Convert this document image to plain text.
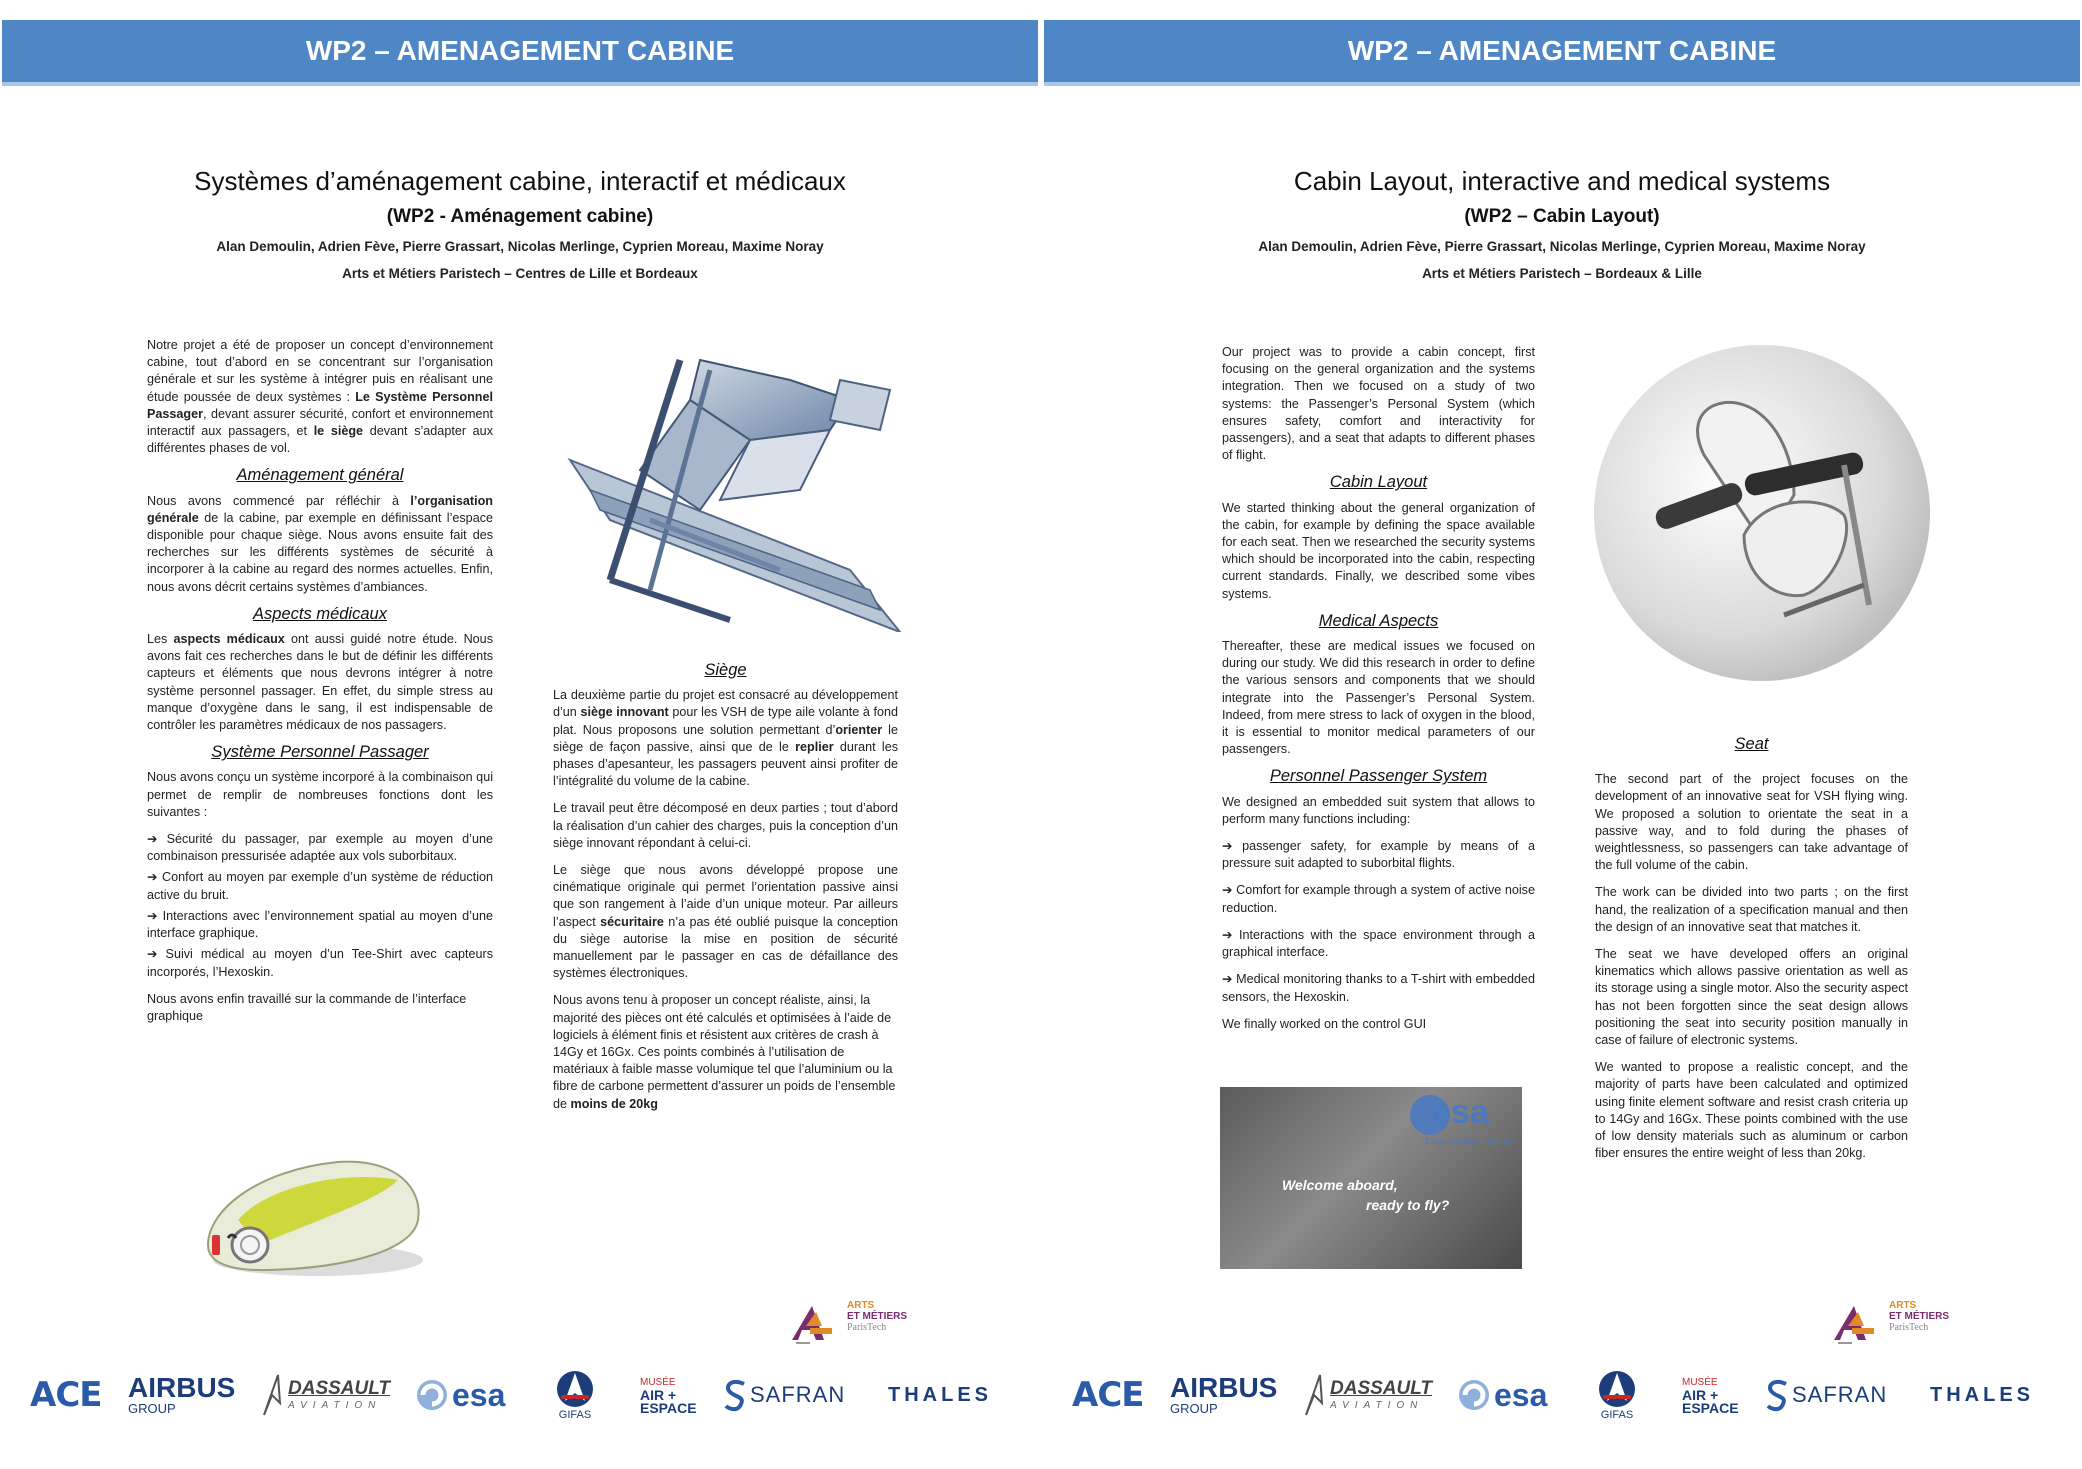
WP2 – AMENAGEMENT CABINE
Systèmes d’aménagement cabine, interactif et médicaux
(WP2 - Aménagement cabine)
Alan Demoulin, Adrien Fève, Pierre Grassart, Nicolas Merlinge, Cyprien Moreau, Maxime Noray
Arts et Métiers Paristech – Centres de Lille et Bordeaux

Notre projet a été de proposer un concept d’environnement cabine, tout d’abord en se concentrant sur l’organisation générale et sur les système à intégrer puis en réalisant une étude poussée de deux systèmes : Le Système Personnel Passager, devant assurer sécurité, confort et environnement interactif aux passagers, et le siège devant s’adapter aux différentes phases de vol.

Aménagement général

Nous avons commencé par réfléchir à l’organisation générale de la cabine, par exemple en définissant l’espace disponible pour chaque siège. Nous avons ensuite fait des recherches sur les différents systèmes de sécurité à incorporer à la cabine au regard des normes actuelles. Enfin, nous avons décrit certains systèmes d’ambiances.

Aspects médicaux

Les aspects médicaux ont aussi guidé notre étude. Nous avons fait ces recherches dans le but de définir les différents capteurs et éléments que nous devrons intégrer à notre système personnel passager. En effet, du simple stress au manque d’oxygène dans le sang, il est indispensable de contrôler les paramètres médicaux de nos passagers.

Système Personnel Passager

Nous avons conçu un système incorporé à la combinaison qui permet de remplir de nombreuses fonctions dont les suivantes :

➔ Sécurité du passager, par exemple au moyen d’une combinaison pressurisée adaptée aux vols suborbitaux.

➔ Confort au moyen par exemple d’un système de réduction active du bruit.

➔ Interactions avec l’environnement spatial au moyen d’une interface graphique.

➔ Suivi médical au moyen d’un Tee-Shirt avec capteurs incorporés, l’Hexoskin.

Nous avons enfin travaillé sur la commande de l’interface graphique

Siège

La deuxième partie du projet est consacré au développement d’un siège innovant pour les VSH de type aile volante à fond plat. Nous proposons une solution permettant d’orienter le siège de façon passive, ainsi que de le replier durant les phases d’apesanteur, les passagers peuvent ainsi profiter de l’intégralité du volume de la cabine.

Le travail peut être décomposé en deux parties ; tout d’abord la réalisation d’un cahier des charges, puis la conception d’un siège innovant répondant à celui-ci.

Le siège que nous avons développé propose une cinématique originale qui permet l’orientation passive ainsi que son rangement à l’aide d’un unique moteur. Par ailleurs l’aspect sécuritaire n’a pas été oublié puisque la conception du siège autorise la mise en position de sécurité manuellement par le passager en cas de défaillance des systèmes électroniques.

Nous avons tenu à proposer un concept réaliste, ainsi, la majorité des pièces ont été calculés et optimisées à l’aide de logiciels à élément finis et résistent aux critères de crash à 14Gy et 16Gx. Ces points combinés à l’utilisation de matériaux à faible masse volumique tel que l’aluminium ou la fibre de carbone permettent d’assurer un poids de l’ensemble de moins de 20kg

ARTS
ET MÉTIERS
ParisTech
ACE AIRBUS
GROUP
DASSAULT
AVIATION esa
GIFAS
MUSÉE
AIR +
ESPACE
SAFRAN THALES
WP2 – AMENAGEMENT CABINE
Cabin Layout, interactive and medical systems
(WP2 – Cabin Layout)
Alan Demoulin, Adrien Fève, Pierre Grassart, Nicolas Merlinge, Cyprien Moreau, Maxime Noray
Arts et Métiers Paristech – Bordeaux & Lille

Our project was to provide a cabin concept, first focusing on the general organization and the systems integration. Then we focused on a study of two systems: the Passenger’s Personal System (which ensures safety, comfort and interactivity for passengers), and a seat that adapts to different phases of flight.

Cabin Layout

We started thinking about the general organization of the cabin, for example by defining the space available for each seat. Then we researched the security systems which should be incorporated into the cabin, respecting current standards. Finally, we described some vibes systems.

Medical Aspects

Thereafter, these are medical issues we focused on during our study. We did this research in order to define the various sensors and components that we should integrate into the Passenger’s Personal System. Indeed, from mere stress to lack of oxygen in the blood, it is essential to monitor medical parameters of our passengers.

Personnel Passenger System

We designed an embedded suit system that allows to perform many functions including:

➔ passenger safety, for example by means of a pressure suit adapted to suborbital flights.

➔ Comfort for example through a system of active noise reduction.

➔ Interactions with the space environment through a graphical interface.

➔ Medical monitoring thanks to a T-shirt with embedded sensors, the Hexoskin.

We finally worked on the control GUI

esa
European Space Agency
Welcome aboard,
ready to fly?
Seat

The second part of the project focuses on the development of an innovative seat for VSH flying wing. We proposed a solution to orientate the seat in a passive way, and to fold during the phases of weightlessness, so passengers can take advantage of the full volume of the cabin.

The work can be divided into two parts ; on the first hand, the realization of a specification manual and then the design of an innovative seat that matches it.

The seat we have developed offers an original kinematics which allows passive orientation as well as its storage using a single motor. Also the security aspect has not been forgotten since the seat design allows positioning the seat into security position manually in case of failure of electronic systems.

We wanted to propose a realistic concept, and the majority of parts have been calculated and optimized using finite element software and resist crash criteria up to 14Gy and 16Gx. These points combined with the use of low density materials such as aluminum or carbon fiber ensures the entire weight of less than 20kg.

ARTS
ET MÉTIERS
ParisTech
ACE AIRBUS
GROUP
DASSAULT
AVIATION esa
GIFAS
MUSÉE
AIR +
ESPACE
SAFRAN THALES
